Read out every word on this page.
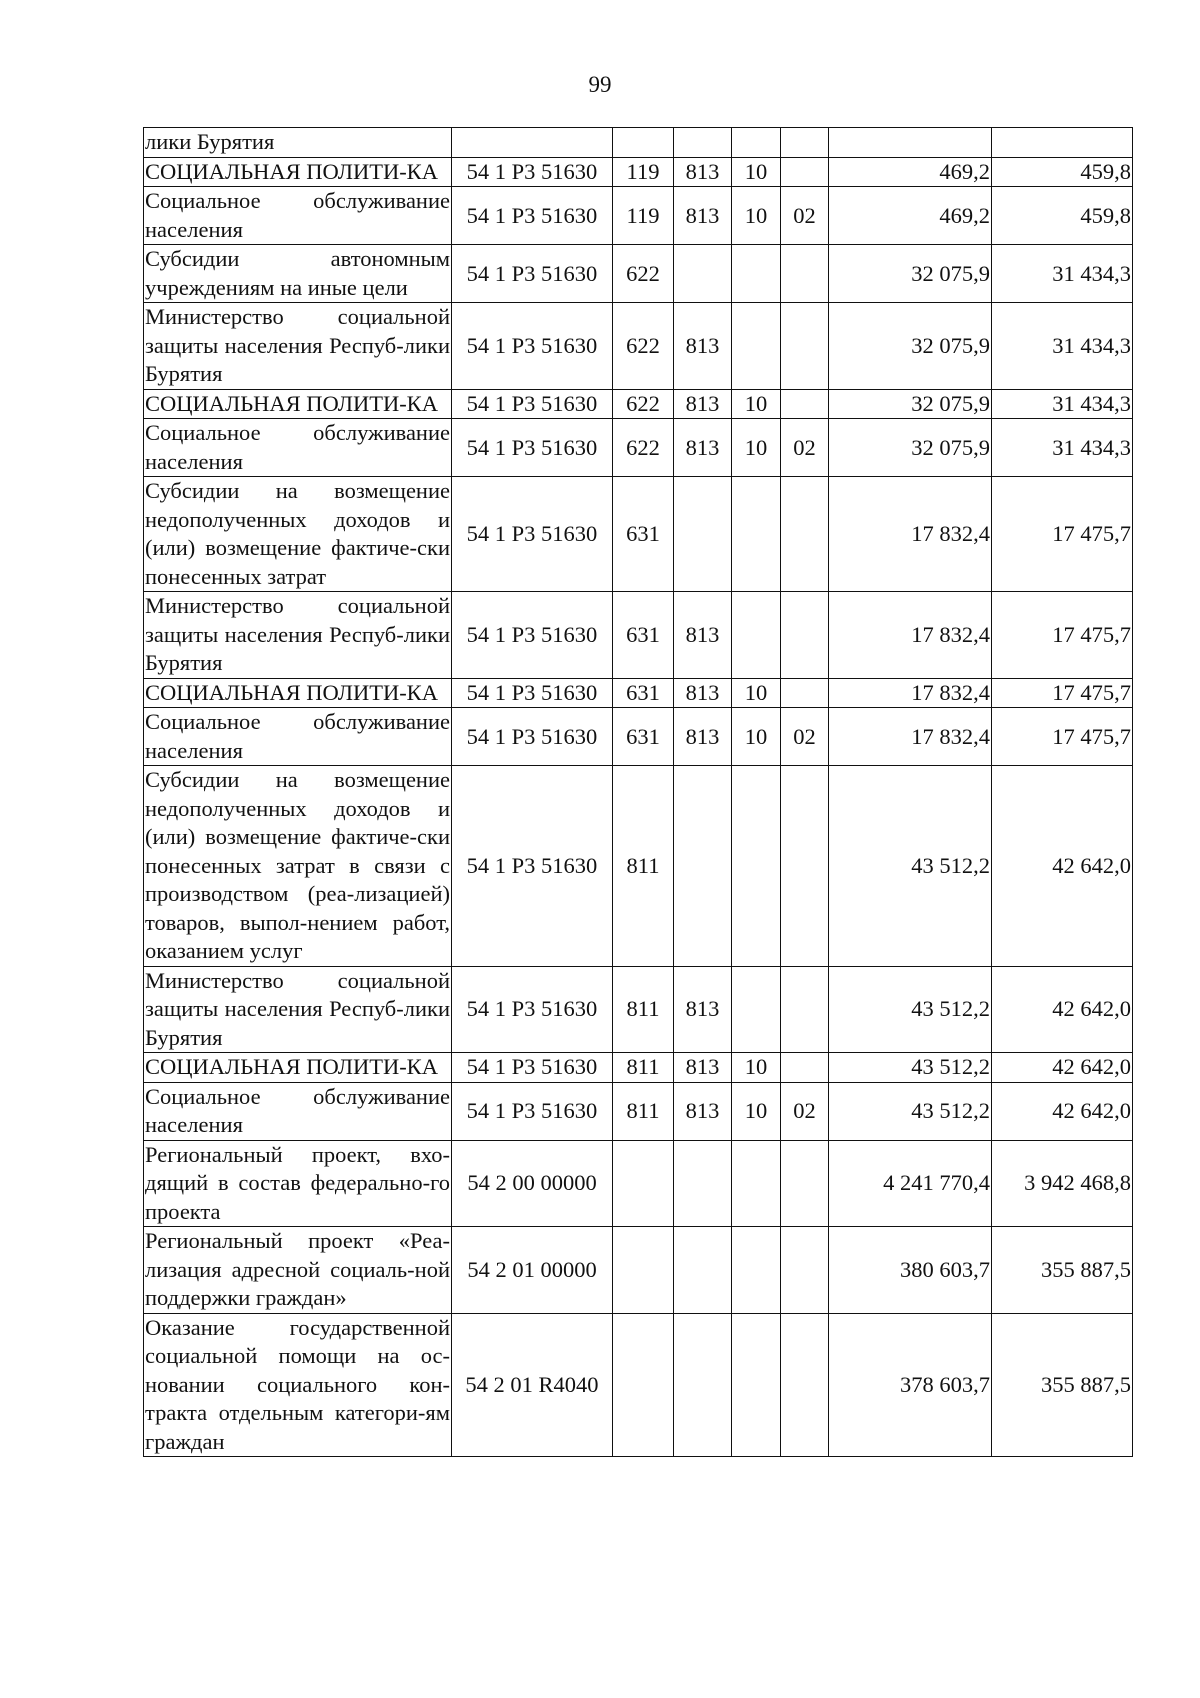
99
лики Бурятия							
СОЦИАЛЬНАЯ ПОЛИТИ-КА	54 1 P3 51630	119	813	10		469,2	459,8
Социальное обслуживание населения	54 1 P3 51630	119	813	10	02	469,2	459,8
Субсидии автономным учреждениям на иные цели	54 1 P3 51630	622				32 075,9	31 434,3
Министерство социальной защиты населения Респуб-лики Бурятия	54 1 P3 51630	622	813			32 075,9	31 434,3
СОЦИАЛЬНАЯ ПОЛИТИ-КА	54 1 P3 51630	622	813	10		32 075,9	31 434,3
Социальное обслуживание населения	54 1 P3 51630	622	813	10	02	32 075,9	31 434,3
Субсидии на возмещение недополученных доходов и (или) возмещение фактиче-ски понесенных затрат	54 1 P3 51630	631				17 832,4	17 475,7
Министерство социальной защиты населения Респуб-лики Бурятия	54 1 P3 51630	631	813			17 832,4	17 475,7
СОЦИАЛЬНАЯ ПОЛИТИ-КА	54 1 P3 51630	631	813	10		17 832,4	17 475,7
Социальное обслуживание населения	54 1 P3 51630	631	813	10	02	17 832,4	17 475,7
Субсидии на возмещение недополученных доходов и (или) возмещение фактиче-ски понесенных затрат в связи с производством (реа-лизацией) товаров, выпол-нением работ, оказанием услуг	54 1 P3 51630	811				43 512,2	42 642,0
Министерство социальной защиты населения Респуб-лики Бурятия	54 1 P3 51630	811	813			43 512,2	42 642,0
СОЦИАЛЬНАЯ ПОЛИТИ-КА	54 1 P3 51630	811	813	10		43 512,2	42 642,0
Социальное обслуживание населения	54 1 P3 51630	811	813	10	02	43 512,2	42 642,0
Региональный проект, вхо-дящий в состав федерально-го проекта	54 2 00 00000					4 241 770,4	3 942 468,8
Региональный проект «Реа-лизация адресной социаль-ной поддержки граждан»	54 2 01 00000					380 603,7	355 887,5
Оказание государственной социальной помощи на ос-новании социального кон-тракта отдельным категори-ям граждан	54 2 01 R4040					378 603,7	355 887,5
